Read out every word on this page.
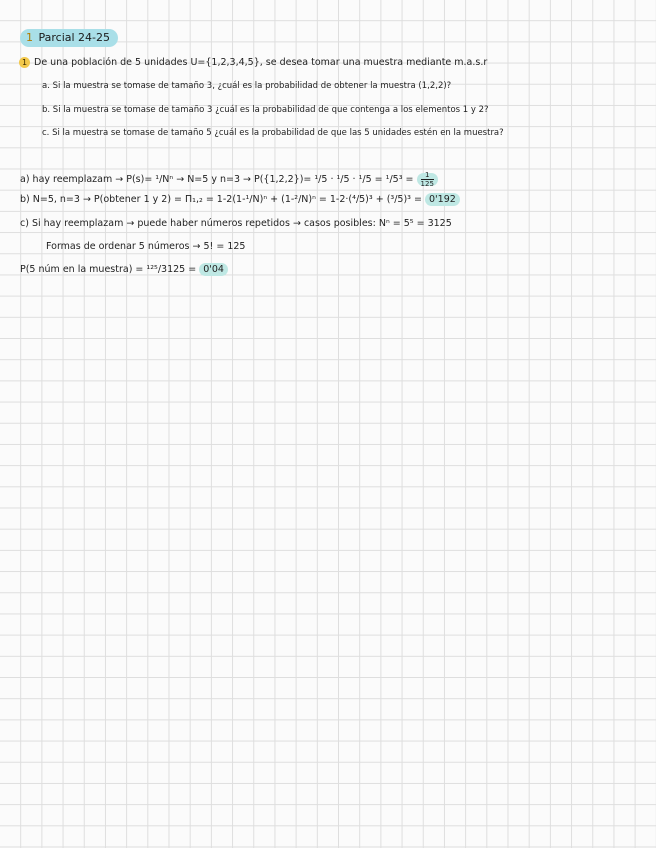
1 Parcial 24-25
1 De una población de 5 unidades U={1,2,3,4,5}, se desea tomar una muestra mediante m.a.s.r
a. Si la muestra se tomase de tamaño 3, ¿cuál es la probabilidad de obtener la muestra (1,2,2)?
b. Si la muestra se tomase de tamaño 3 ¿cuál es la probabilidad de que contenga a los elementos 1 y 2?
c. Si la muestra se tomase de tamaño 5 ¿cuál es la probabilidad de que las 5 unidades estén en la muestra?
a) hay reemplazam → P(s)= ¹/Nⁿ → N=5 y $n=3 \to P(\{1,2,2\})= ^1/5 \cdot ^1/5 \cdot ^1/5 = ^1/5^3 = \frac{1}{125}$
b) N=5, n=3 → P(obtener 1 y 2) = Π₁,₂ = 1-2(1-¹/N)ⁿ + (1-²/N)ⁿ = 1-2·(⁴/5)³ + (³/5)³ = 0'192
c) Si hay reemplazam → puede haber números repetidos → casos posibles: Nⁿ = 5⁵ = 3125
Formas de ordenar 5 números → 5! = 125
P(5 núm en la muestra) = ¹²⁵/3125 = 0'04
